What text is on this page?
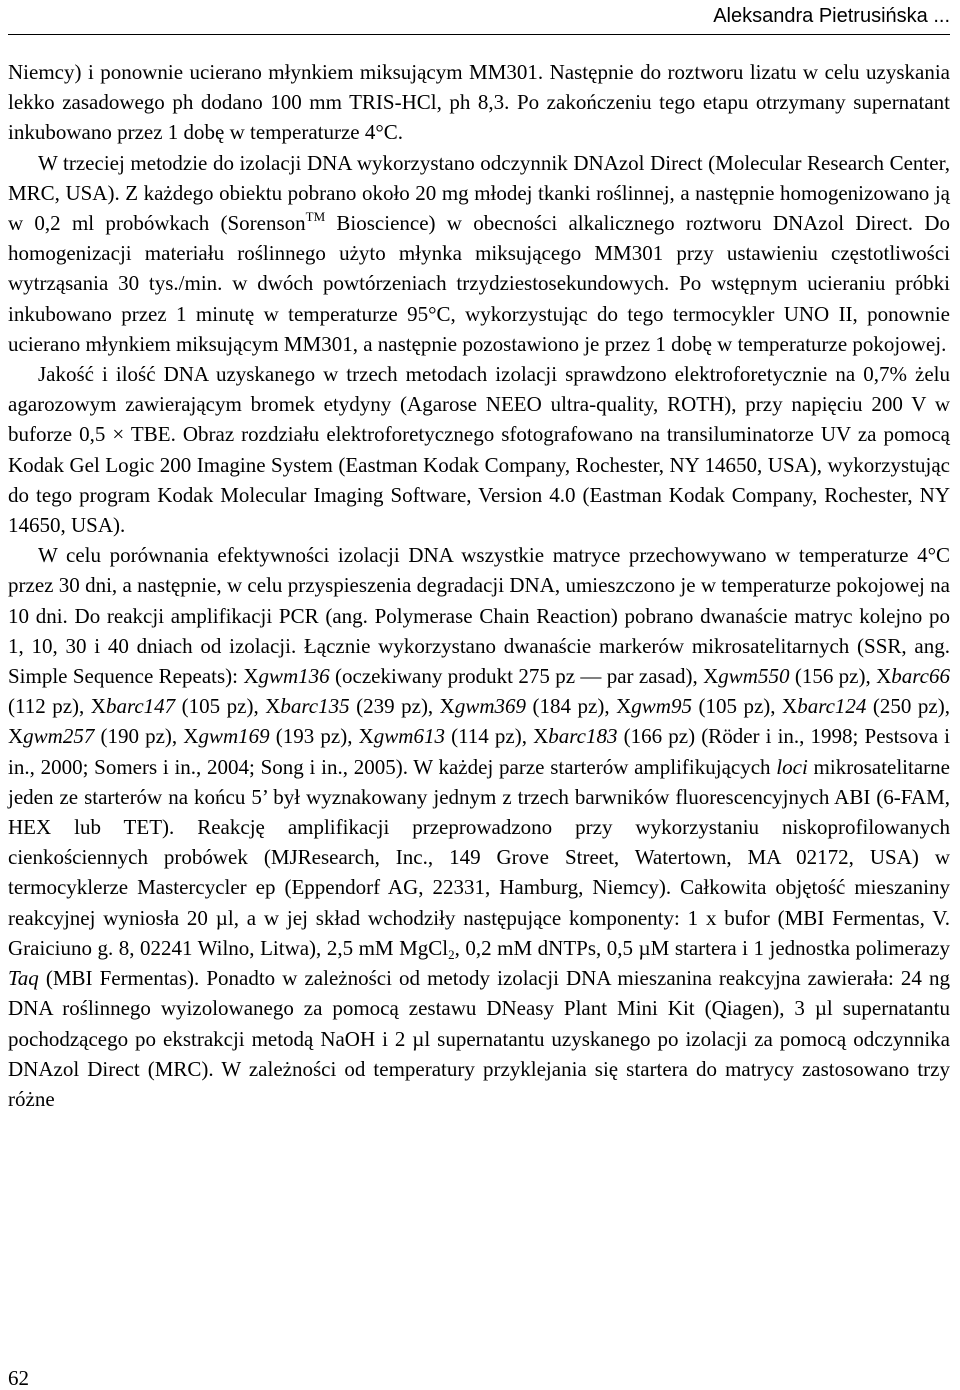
Aleksandra Pietrusińska ...

Niemcy) i ponownie ucierano młynkiem miksującym MM301. Następnie do roztworu lizatu w celu uzyskania lekko zasadowego ph dodano 100 mm TRIS-HCl, ph 8,3. Po zakończeniu tego etapu otrzymany supernatant inkubowano przez 1 dobę w temperaturze 4°C.

W trzeciej metodzie do izolacji DNA wykorzystano odczynnik DNAzol Direct (Molecular Research Center, MRC, USA). Z każdego obiektu pobrano około 20 mg młodej tkanki roślinnej, a następnie homogenizowano ją w 0,2 ml probówkach (Sorenson™ Bioscience) w obecności alkalicznego roztworu DNAzol Direct. Do homogenizacji materiału roślinnego użyto młynka miksującego MM301 przy ustawieniu częstotliwości wytrząsania 30 tys./min. w dwóch powtórzeniach trzydziestosekundowych. Po wstępnym ucieraniu próbki inkubowano przez 1 minutę w temperaturze 95°C, wykorzystując do tego termocykler UNO II, ponownie ucierano młynkiem miksującym MM301, a następnie pozostawiono je przez 1 dobę w temperaturze pokojowej.

Jakość i ilość DNA uzyskanego w trzech metodach izolacji sprawdzono elektroforetycznie na 0,7% żelu agarozowym zawierającym bromek etydyny (Agarose NEEO ultra-quality, ROTH), przy napięciu 200 V w buforze 0,5 × TBE. Obraz rozdziału elektroforetycznego sfotografowano na transiluminatorze UV za pomocą Kodak Gel Logic 200 Imagine System (Eastman Kodak Company, Rochester, NY 14650, USA), wykorzystując do tego program Kodak Molecular Imaging Software, Version 4.0 (Eastman Kodak Company, Rochester, NY 14650, USA).

W celu porównania efektywności izolacji DNA wszystkie matryce przechowywano w temperaturze 4°C przez 30 dni, a następnie, w celu przyspieszenia degradacji DNA, umieszczono je w temperaturze pokojowej na 10 dni. Do reakcji amplifikacji PCR (ang. Polymerase Chain Reaction) pobrano dwanaście matryc kolejno po 1, 10, 30 i 40 dniach od izolacji. Łącznie wykorzystano dwanaście markerów mikrosatelitarnych (SSR, ang. Simple Sequence Repeats): Xgwm136 (oczekiwany produkt 275 pz — par zasad), Xgwm550 (156 pz), Xbarc66 (112 pz), Xbarc147 (105 pz), Xbarc135 (239 pz), Xgwm369 (184 pz), Xgwm95 (105 pz), Xbarc124 (250 pz), Xgwm257 (190 pz), Xgwm169 (193 pz), Xgwm613 (114 pz), Xbarc183 (166 pz) (Röder i in., 1998; Pestsova i in., 2000; Somers i in., 2004; Song i in., 2005). W każdej parze starterów amplifikujących loci mikrosatelitarne jeden ze starterów na końcu 5’ był wyznakowany jednym z trzech barwników fluorescencyjnych ABI (6-FAM, HEX lub TET). Reakcję amplifikacji przeprowadzono przy wykorzystaniu niskoprofilowanych cienkościennych probówek (MJResearch, Inc., 149 Grove Street, Watertown, MA 02172, USA) w termocyklerze Mastercycler ep (Eppendorf AG, 22331, Hamburg, Niemcy). Całkowita objętość mieszaniny reakcyjnej wyniosła 20 µl, a w jej skład wchodziły następujące komponenty: 1 x bufor (MBI Fermentas, V. Graiciuno g. 8, 02241 Wilno, Litwa), 2,5 mM MgCl$_2$, 0,2 mM dNTPs, 0,5 µM startera i 1 jednostka polimerazy Taq (MBI Fermentas). Ponadto w zależności od metody izolacji DNA mieszanina reakcyjna zawierała: 24 ng DNA roślinnego wyizolowanego za pomocą zestawu DNeasy Plant Mini Kit (Qiagen), 3 µl supernatantu pochodzącego po ekstrakcji metodą NaOH i 2 µl supernatantu uzyskanego po izolacji za pomocą odczynnika DNAzol Direct (MRC). W zależności od temperatury przyklejania się startera do matrycy zastosowano trzy różne

62
